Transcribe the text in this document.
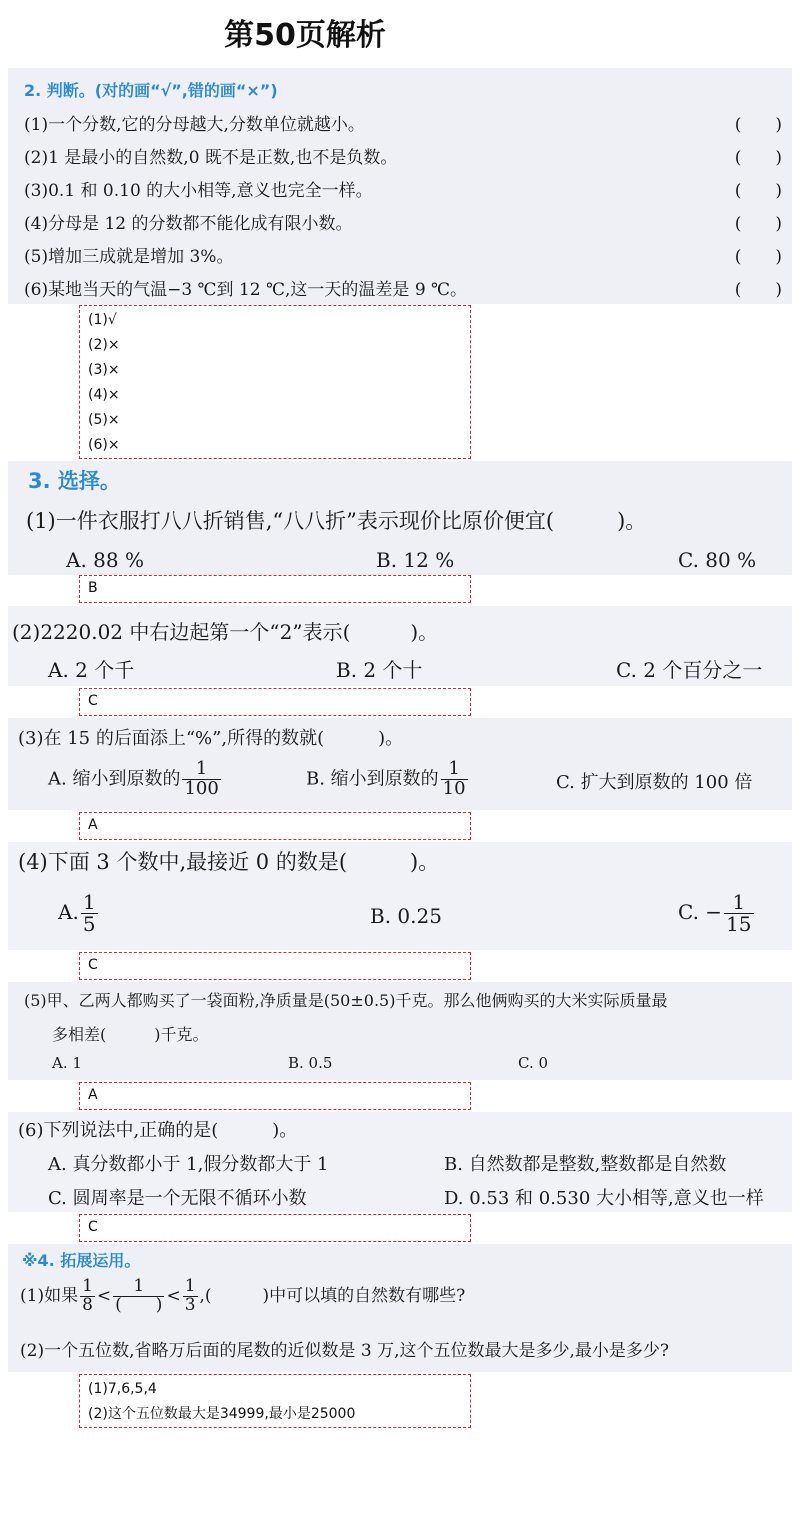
第50页解析
2. 判断。(对的画“√”,错的画“×”)
(1)一个分数,它的分母越大,分数单位就越小。	(　　)
(2)1 是最小的自然数,0 既不是正数,也不是负数。	(　　)
(3)0.1 和 0.10 的大小相等,意义也完全一样。	(　　)
(4)分母是 12 的分数都不能化成有限小数。	(　　)
(5)增加三成就是增加 3%。	(　　)
(6)某地当天的气温−3 ℃到 12 ℃,这一天的温差是 9 ℃。	(　　)
(1)√
(2)×
(3)×
(4)×
(5)×
(6)×
3. 选择。
(1)一件衣服打八八折销售,“八八折”表示现价比原价便宜(　　　)。
A. 88 %	B. 12 %	C. 80 %
B
(2)2220.02 中右边起第一个“2”表示(　　　)。
A. 2 个千	B. 2 个十	C. 2 个百分之一
C
(3)在 15 的后面添上“%”,所得的数就(　　　)。
A. 缩小到原数的 $\frac{1}{100}$	B. 缩小到原数的 $\frac{1}{10}$	C. 扩大到原数的 100 倍
A
(4)下面 3 个数中,最接近 0 的数是(　　　)。
A. $\frac{1}{5}$	B. 0.25	C. − $\frac{1}{15}$
C
(5)甲、乙两人都购买了一袋面粉,净质量是(50±0.5)千克。那么他俩购买的大米实际质量最
多相差(　　　)千克。
A. 1	B. 0.5	C. 0
A
(6)下列说法中,正确的是(　　　)。
A. 真分数都小于 1,假分数都大于 1	B. 自然数都是整数,整数都是自然数
C. 圆周率是一个无限不循环小数	D. 0.53 和 0.530 大小相等,意义也一样
C
※4. 拓展运用。
(1)如果 $\frac{1}{8} < \frac{1}{( )} < \frac{1}{3}$ ,(　　　)中可以填的自然数有哪些?
(2)一个五位数,省略万后面的尾数的近似数是 3 万,这个五位数最大是多少,最小是多少?
(1)7,6,5,4
(2)这个五位数最大是34999,最小是25000
